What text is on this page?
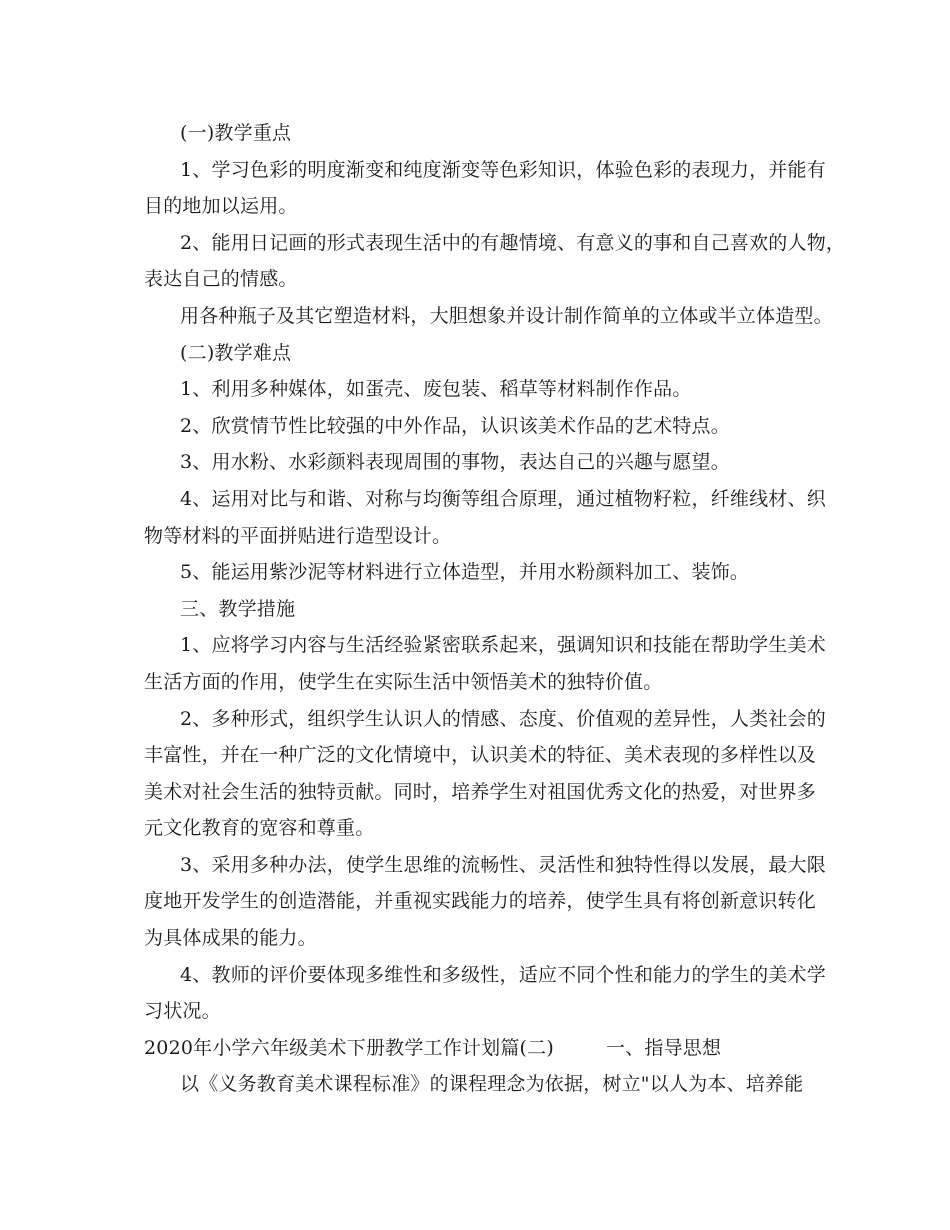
(一)教学重点
1、学习色彩的明度渐变和纯度渐变等色彩知识，体验色彩的表现力，并能有
目的地加以运用。
2、能用日记画的形式表现生活中的有趣情境、有意义的事和自己喜欢的人物，
表达自己的情感。
用各种瓶子及其它塑造材料，大胆想象并设计制作简单的立体或半立体造型。
(二)教学难点
1、利用多种媒体，如蛋壳、废包装、稻草等材料制作作品。
2、欣赏情节性比较强的中外作品，认识该美术作品的艺术特点。
3、用水粉、水彩颜料表现周围的事物，表达自己的兴趣与愿望。
4、运用对比与和谐、对称与均衡等组合原理，通过植物籽粒，纤维线材、织
物等材料的平面拼贴进行造型设计。
5、能运用紫沙泥等材料进行立体造型，并用水粉颜料加工、装饰。
三、教学措施
1、应将学习内容与生活经验紧密联系起来，强调知识和技能在帮助学生美术
生活方面的作用，使学生在实际生活中领悟美术的独特价值。
2、多种形式，组织学生认识人的情感、态度、价值观的差异性，人类社会的
丰富性，并在一种广泛的文化情境中，认识美术的特征、美术表现的多样性以及
美术对社会生活的独特贡献。同时，培养学生对祖国优秀文化的热爱，对世界多
元文化教育的宽容和尊重。
3、采用多种办法，使学生思维的流畅性、灵活性和独特性得以发展，最大限
度地开发学生的创造潜能，并重视实践能力的培养，使学生具有将创新意识转化
为具体成果的能力。
4、教师的评价要体现多维性和多级性，适应不同个性和能力的学生的美术学
习状况。
2020年小学六年级美术下册教学工作计划篇(二)	一、指导思想
以《义务教育美术课程标准》的课程理念为依据，树立"以人为本、培养能
